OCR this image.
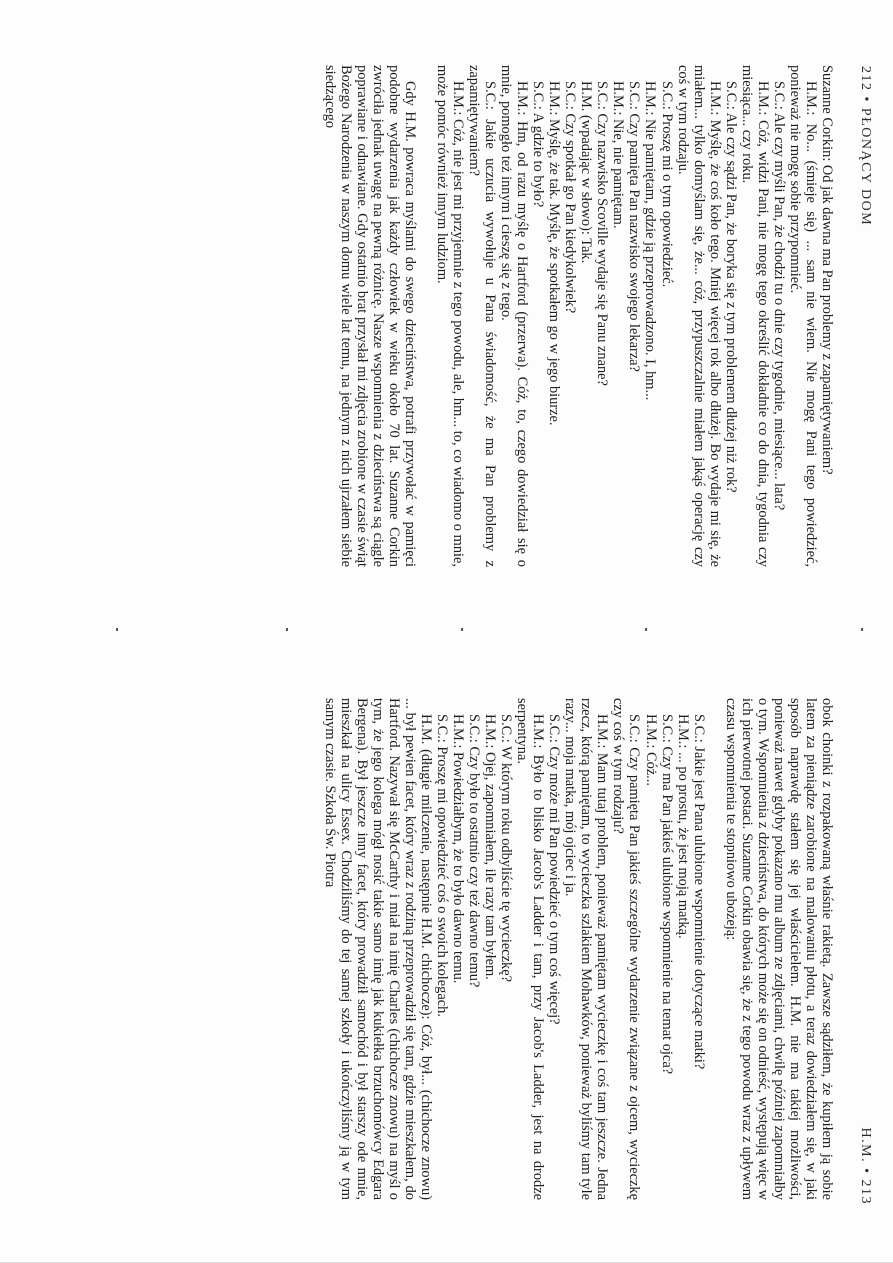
212 • PŁONĄCY DOM

Suzanne Corkin: Od jak dawna ma Pan problemy z zapamiętywaniem?

H.M.: No... (śmieje się) ... sam nie wiem. Nie mogę Pani tego powiedzieć, ponieważ nie mogę sobie przypomnieć.

S.C.: Ale czy myśli Pan, że chodzi tu o dnie czy tygodnie, miesiące... lata?

H.M.: Cóż, widzi Pani, nie mogę tego określić dokładnie co do dnia, tygodnia czy miesiąca... czy roku.

S.C.: Ale czy sądzi Pan, że boryka się z tym problemem dłużej niż rok?

H.M.: Myślę, że coś koło tego. Mniej więcej rok albo dłużej. Bo wydaje mi się, że miałem... tylko domyślam się, że... cóż, przypuszczalnie miałem jakąś operację czy coś w tym rodzaju.

S.C.: Proszę mi o tym opowiedzieć.

H.M.: Nie pamiętam, gdzie ją przeprowadzono. I, hm...

S.C.: Czy pamięta Pan nazwisko swojego lekarza?

H.M.: Nie, nie pamiętam.

S.C.: Czy nazwisko Scoville wydaje się Panu znane?

H.M. (wpadając w słowo): Tak.

S.C.: Czy spotkał go Pan kiedykolwiek?

H.M.: Myślę, że tak. Myślę, że spotkałem go w jego biurze.

S.C.: A gdzie to było?

H.M.: Hm, od razu myślę o Hartford (przerwa). Cóż, to, czego dowiedział się o mnie, pomogło też innym i cieszę się z tego.

S.C.: Jakie uczucia wywołuje u Pana świadomość, że ma Pan problemy z zapamiętywaniem?

H.M.: Cóż, nie jest mi przyjemnie z tego powodu, ale, hm... to, co wiadomo o mnie, może pomóc również innym ludziom.

Gdy H.M. powraca myślami do swego dzieciństwa, potrafi przywołać w pamięci podobne wydarzenia jak każdy człowiek w wieku około 70 lat. Suzanne Corkin zwróciła jednak uwagę na pewną różnicę. Nasze wspomnienia z dzieciństwa są ciągle poprawiane i odnawiane. Gdy ostatnio brat przysłał mi zdjęcia zrobione w czasie świąt Bożego Narodzenia w naszym domu wiele lat temu, na jednym z nich ujrzałem siebie siedzącego

H.M. • 213

obok choinki z rozpakowaną właśnie rakietą. Zawsze sądziłem, że kupiłem ją sobie latem za pieniądze zarobione na malowaniu płotu, a teraz dowiedziałem się, w jaki sposób naprawdę stałem się jej właścicielem. H.M. nie ma takiej możliwości, ponieważ nawet gdyby pokazano mu album ze zdjęciami, chwilę później zapomniałby o tym. Wspomnienia z dzieciństwa, do których może się on odnieść, występują więc w ich pierwotnej postaci. Suzanne Corkin obawia się, że z tego powodu wraz z upływem czasu wspomnienia te stopniowo ubożeją:

S.C.: Jakie jest Pana ulubione wspomnienie dotyczące matki?

H.M.: ... po prostu, że jest moją matką.

S.C.: Czy ma Pan jakieś ulubione wspomnienie na temat ojca?

H.M.: Cóż...

S.C.: Czy pamięta Pan jakieś szczególne wydarzenie związane z ojcem, wycieczkę czy coś w tym rodzaju?

H.M.: Mam tutaj problem, ponieważ pamiętam wycieczkę i coś tam jeszcze. Jedna rzecz, którą pamiętam, to wycieczka szlakiem Mohawków, ponieważ byliśmy tam tyle razy... moja matka, mój ojciec i ja.

S.C.: Czy może mi Pan powiedzieć o tym coś więcej?

H.M.: Było to blisko Jacob's Ladder i tam, przy Jacob's Ladder, jest na drodze serpentyna.

S.C.: W którym roku odbyliście tę wycieczkę?

H.M.: Ojej, zapomniałem, ile razy tam byłem.

S.C.: Czy było to ostatnio czy też dawno temu?

H.M.: Powiedziałbym, że to było dawno temu.

S.C.: Proszę mi opowiedzieć coś o swoich kolegach.

H.M. (długie milczenie, następnie H.M. chichocze): Cóż, był... (chichocze znowu) ... był pewien facet, który wraz z rodziną przeprowadził się tam, gdzie mieszkałem, do Hartford. Nazywał się McCarthy i miał na imię Charles (chichocze znowu) na myśl o tym, że jego kolega mógł nosić takie samo imię jak kukiełka brzuchomówcy Edgara Bergena). Był jeszcze inny facet, który prowadził samochód i był starszy ode mnie, mieszkał na ulicy Essex. Chodziliśmy do tej samej szkoły i ukończyliśmy ją w tym samym czasie. Szkoła Św. Piotra
